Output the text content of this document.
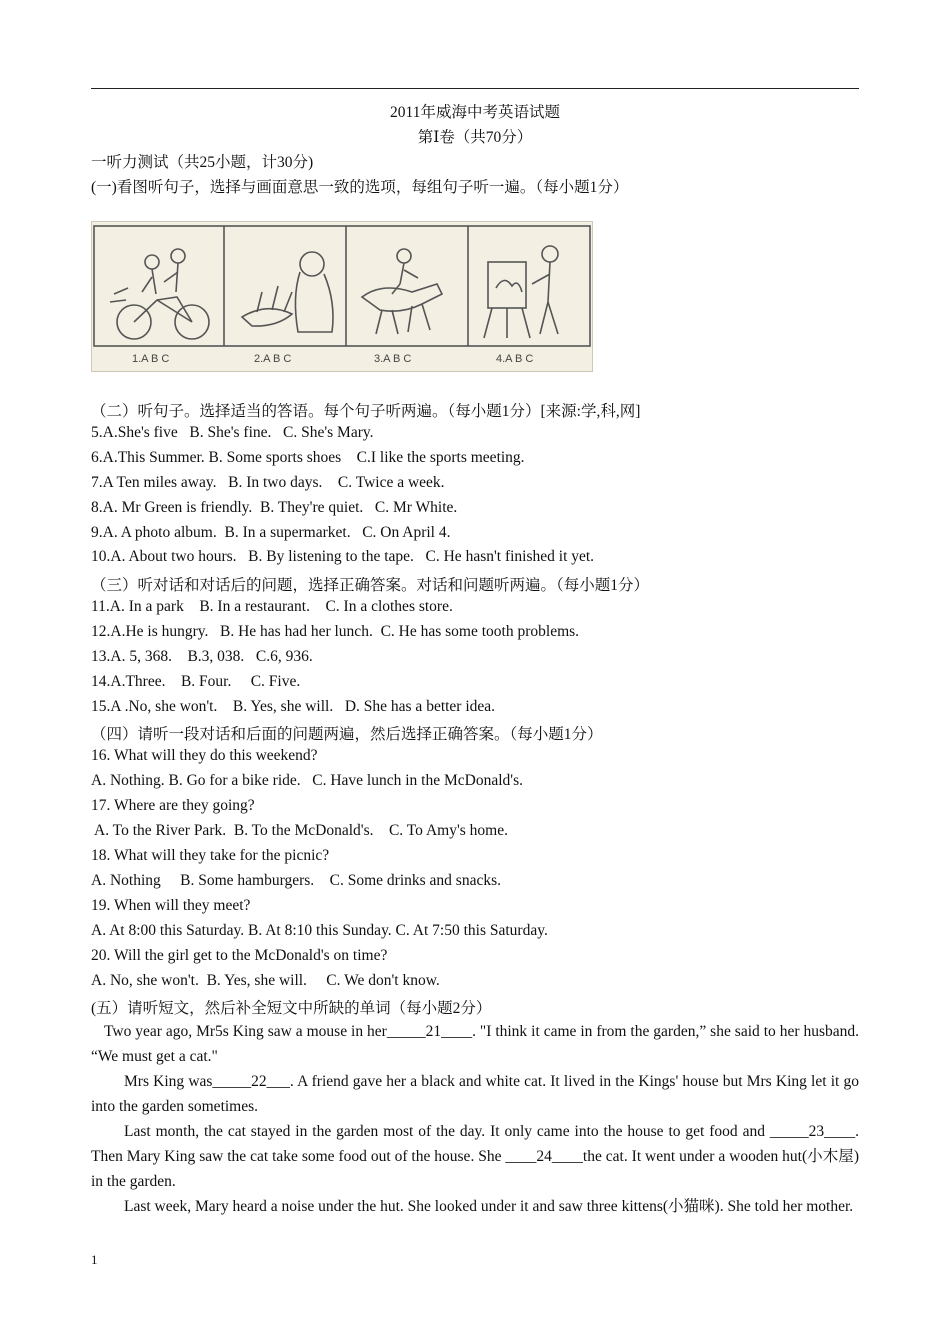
2011年威海中考英语试题
第Ⅰ卷（共70分）
一听力测试（共25小题，计30分)
(一)看图听句子，选择与画面意思一致的选项，每组句子听一遍。（每小题1分）
1.A B C	2.A B C	3.A B C	4.A B C
（二）听句子。选择适当的答语。每个句子听两遍。（每小题1分）[来源:学,科,网]
5.A.She's five   B. She's fine.   C. She's Mary.
6.A.This Summer. B. Some sports shoes    C.I like the sports meeting.
7.A Ten miles away.   B. In two days.    C. Twice a week.
8.A. Mr Green is friendly.  B. They're quiet.   C. Mr White.
9.A. A photo album.  B. In a supermarket.   C. On April 4.
10.A. About two hours.   B. By listening to the tape.   C. He hasn't finished it yet.
（三）听对话和对话后的问题，选择正确答案。对话和问题听两遍。（每小题1分）
11.A. In a park    B. In a restaurant.    C. In a clothes store.
12.A.He is hungry.   B. He has had her lunch.  C. He has some tooth problems.
13.A. 5, 368.    B.3, 038.   C.6, 936.
14.A.Three.    B. Four.     C. Five.
15.A .No, she won't.    B. Yes, she will.   D. She has a better idea.
（四）请听一段对话和后面的问题两遍，然后选择正确答案。（每小题1分）
16. What will they do this weekend?
A. Nothing. B. Go for a bike ride.   C. Have lunch in the McDonald's.
17. Where are they going?
A. To the River Park.  B. To the McDonald's.    C. To Amy's home.
18. What will they take for the picnic?
A. Nothing     B. Some hamburgers.    C. Some drinks and snacks.
19. When will they meet?
A. At 8:00 this Saturday. B. At 8:10 this Sunday. C. At 7:50 this Saturday.
20. Will the girl get to the McDonald's on time?
A. No, she won't.  B. Yes, she will.     C. We don't know.
(五）请听短文，然后补全短文中所缺的单词（每小题2分）
Two year ago, Mr5s King saw a mouse in her_____21____. "I think it came in from the garden,” she said to her husband. “We must get a cat."
Mrs King was_____22___. A friend gave her a black and white cat. It lived in the Kings' house but Mrs King let it go into the garden sometimes.
Last month, the cat stayed in the garden most of the day. It only came into the house to get food and _____23____. Then Mary King saw the cat take some food out of the house. She ____24____the cat. It went under a wooden hut(小木屋) in the garden.
Last week, Mary heard a noise under the hut. She looked under it and saw three kittens(小猫咪). She told her mother.
1
